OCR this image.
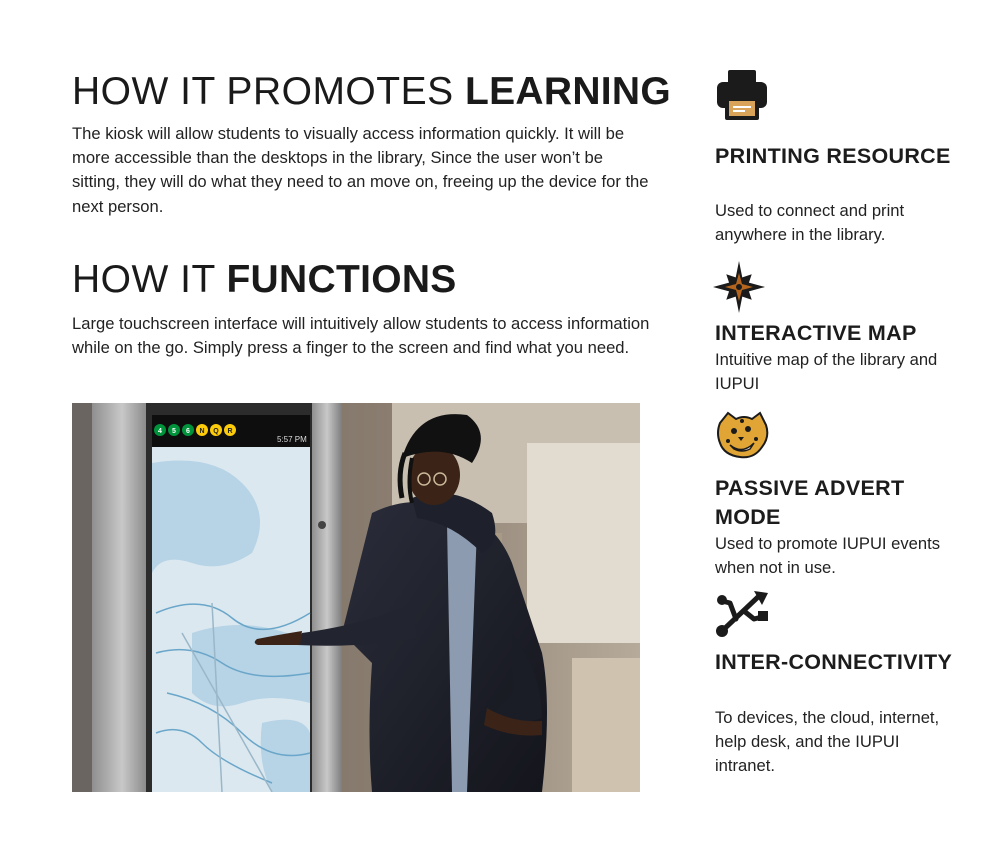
HOW IT PROMOTES LEARNING

The kiosk will allow students to visually access information quickly. It will be more accessible than the desktops in the library, Since the user won’t be sitting, they will do what they need to an move on, freeing up the device for the next person.

HOW IT FUNCTIONS

Large touchscreen interface will intuitively allow students to access information while on the go. Simply press a finger to the screen and find what you need.

5:57 PM
4 5 6 N Q R
PRINTING RESOURCE

Used to connect and print anywhere in the library.

INTERACTIVE MAP

Intuitive map of the library and IUPUI

PASSIVE ADVERT MODE

Used to promote IUPUI events when not in use.

INTER-CONNECTIVITY

To devices, the cloud, internet, help desk, and the IUPUI intranet.
